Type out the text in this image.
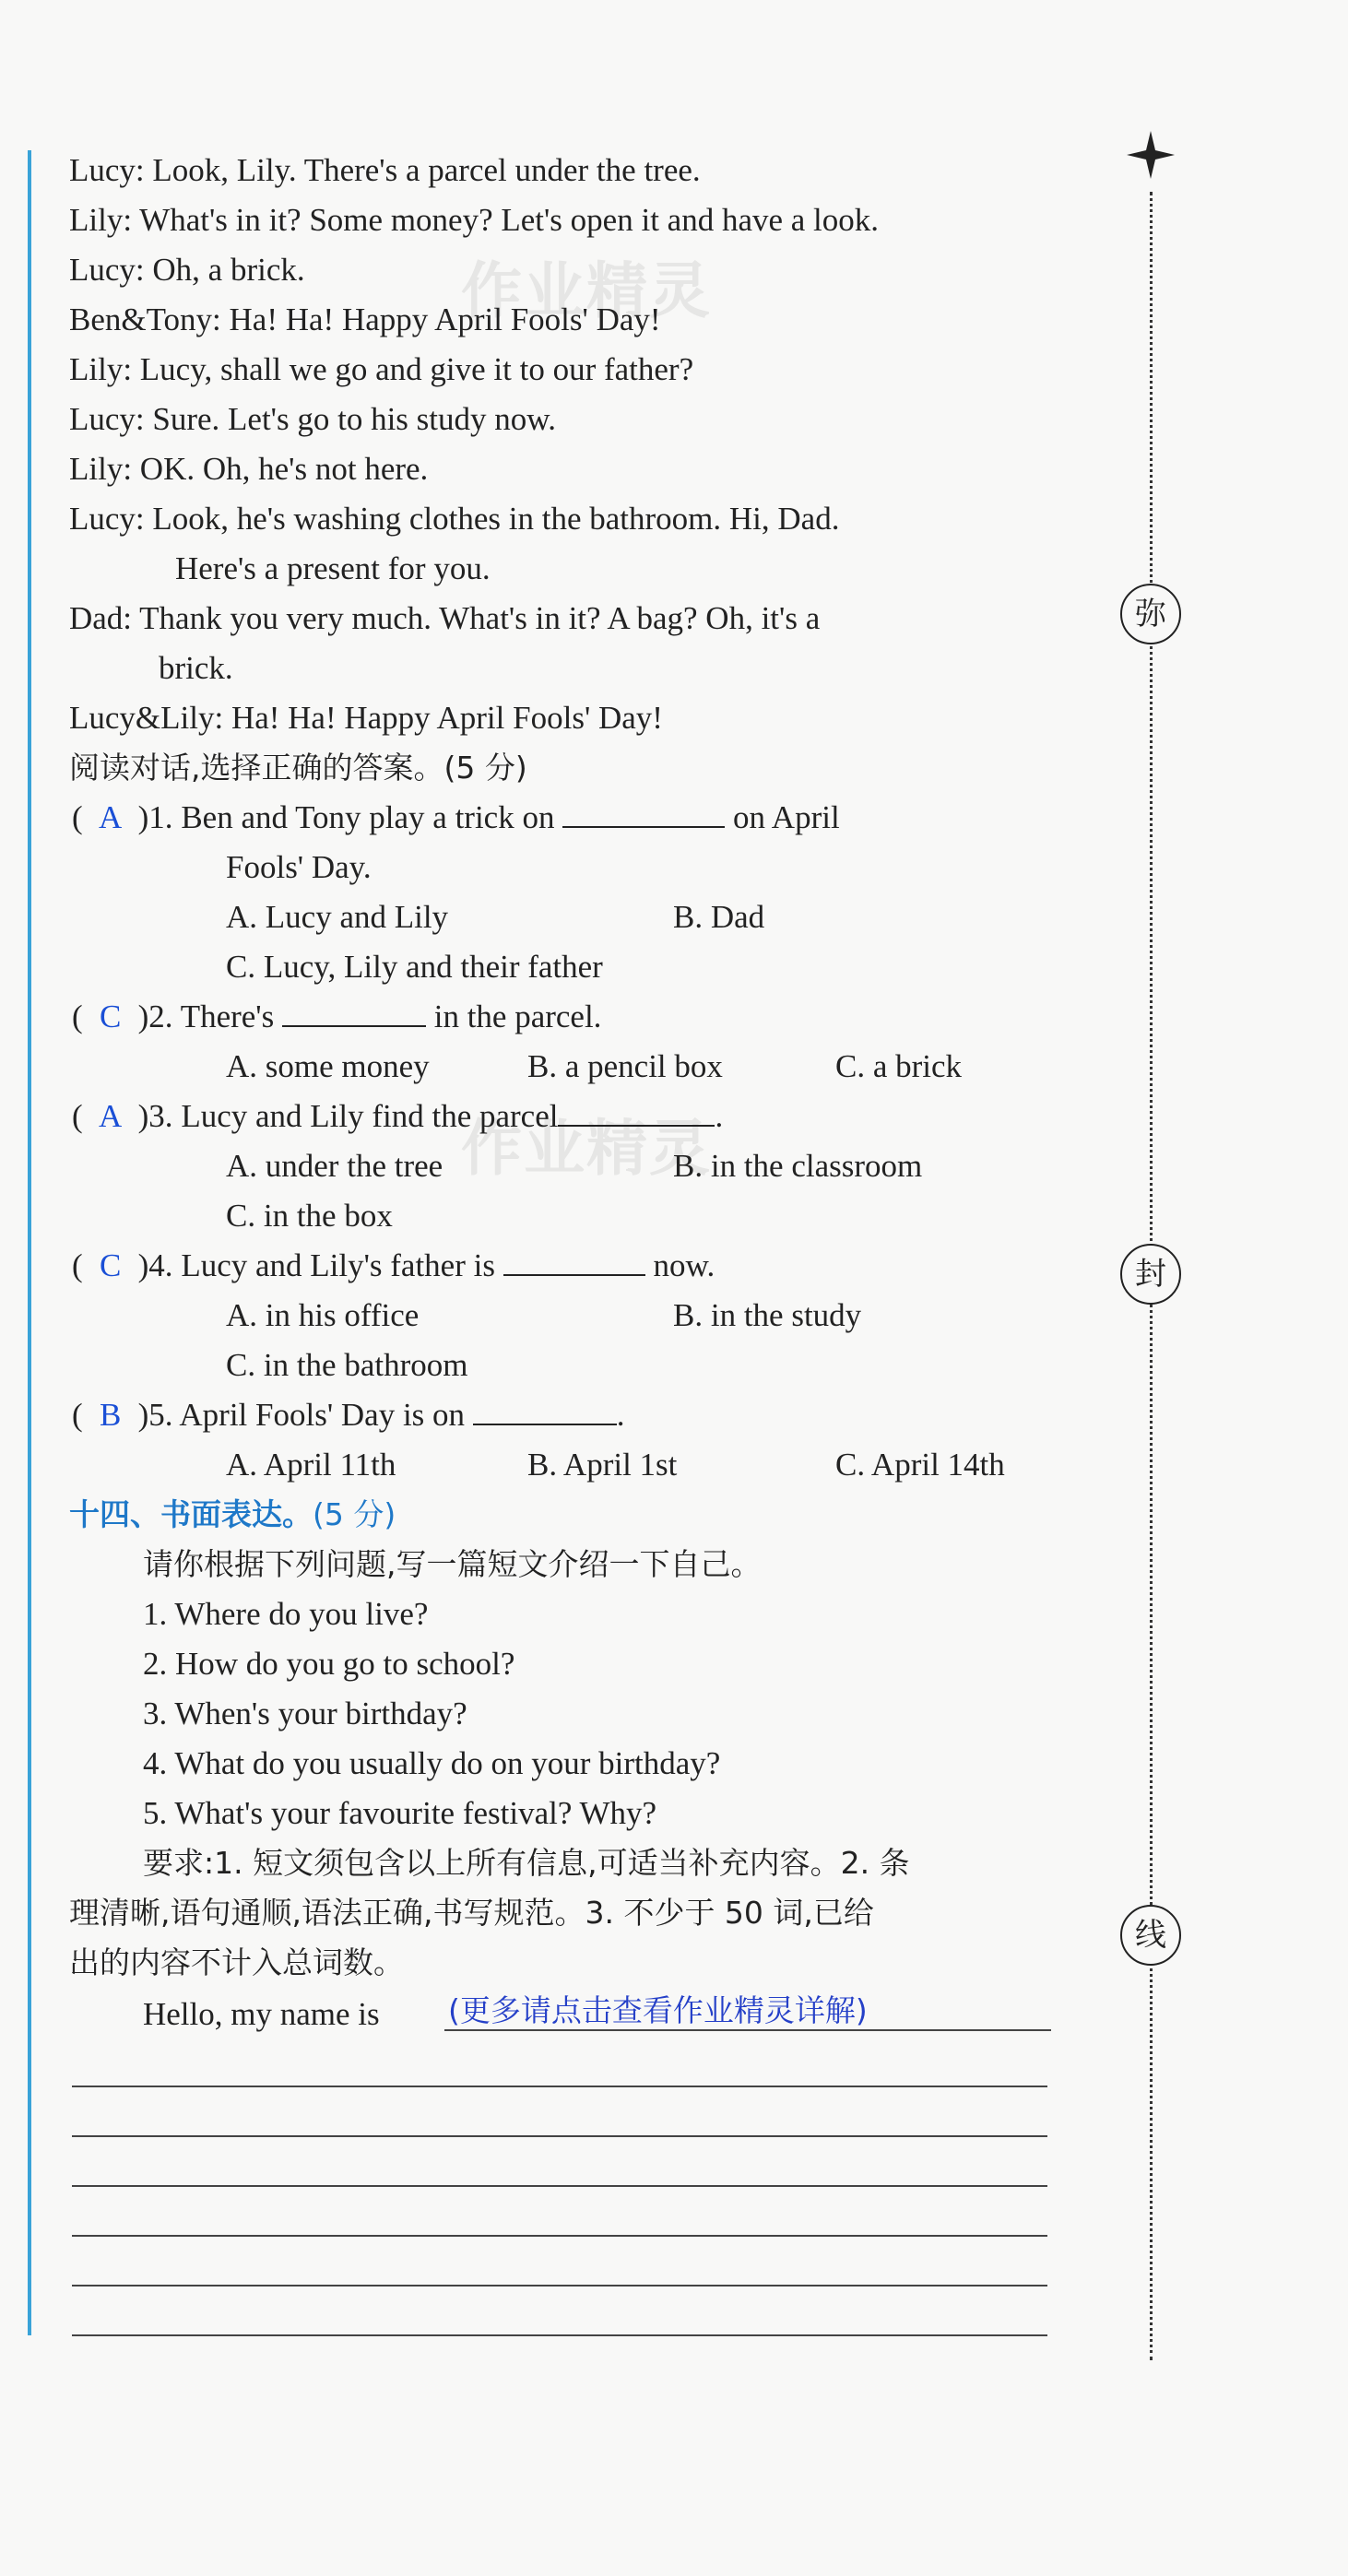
作业精灵
作业精灵
Lucy: Look, Lily. There's a parcel under the tree.
Lily: What's in it? Some money? Let's open it and have a look.
Lucy: Oh, a brick.
Ben&Tony: Ha! Ha! Happy April Fools' Day!
Lily: Lucy, shall we go and give it to our father?
Lucy: Sure. Let's go to his study now.
Lily: OK. Oh, he's not here.
Lucy: Look, he's washing clothes in the bathroom. Hi, Dad.
Here's a present for you.
Dad: Thank you very much. What's in it? A bag? Oh, it's a
brick.
Lucy&Lily: Ha! Ha! Happy April Fools' Day!
阅读对话,选择正确的答案。(5 分)
( A )1. Ben and Tony play a trick on	on April
Fools' Day.
A. Lucy and Lily	B. Dad
C. Lucy, Lily and their father
( C )2. There's	in the parcel.
A. some money	B. a pencil box	C. a brick
( A )3. Lucy and Lily find the parcel	.
A. under the tree	B. in the classroom
C. in the box
( C )4. Lucy and Lily's father is	now.
A. in his office	B. in the study
C. in the bathroom
( B )5. April Fools' Day is on	.
A. April 11th	B. April 1st	C. April 14th
十四、书面表达。(5 分)
请你根据下列问题,写一篇短文介绍一下自己。
1. Where do you live?
2. How do you go to school?
3. When's your birthday?
4. What do you usually do on your birthday?
5. What's your favourite festival? Why?
要求:1. 短文须包含以上所有信息,可适当补充内容。2. 条
理清晰,语句通顺,语法正确,书写规范。3. 不少于 50 词,已给
出的内容不计入总词数。
Hello, my name is (更多请点击查看作业精灵详解)
弥
封
线
